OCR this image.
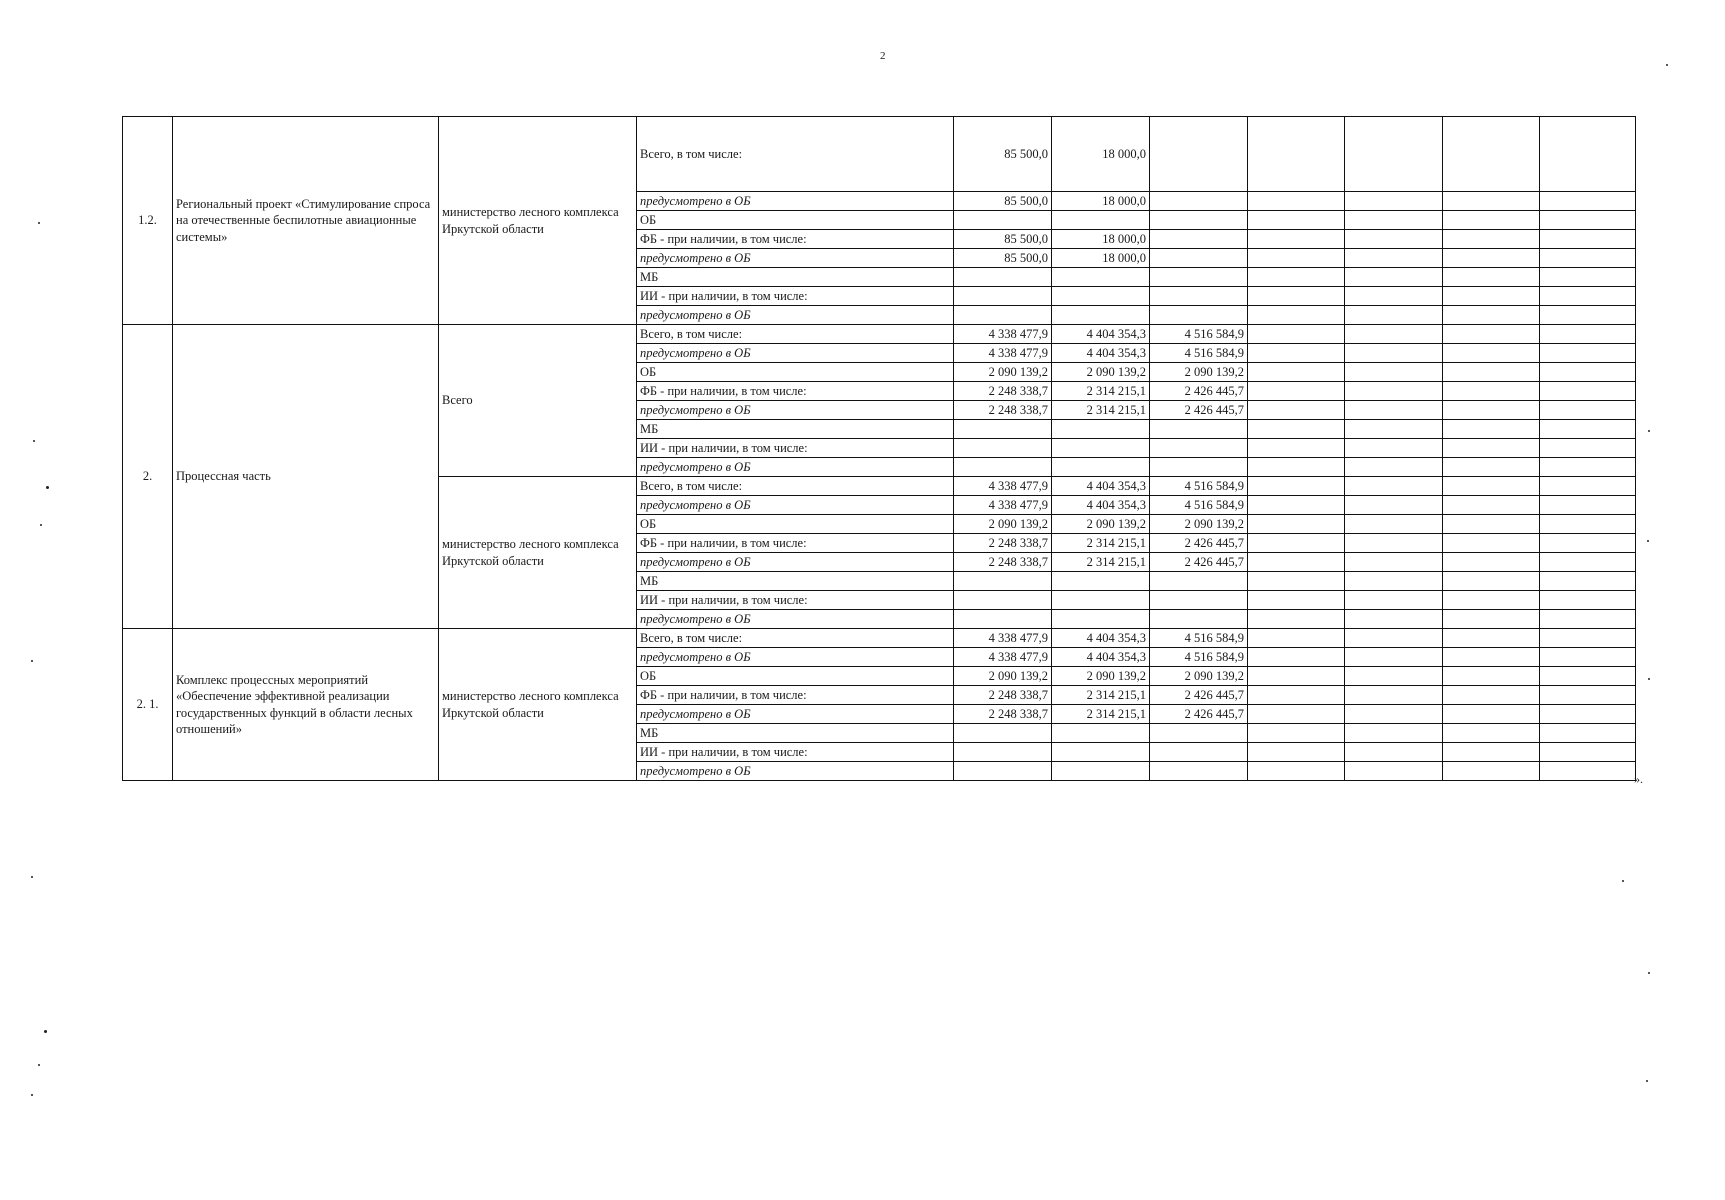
2
1.2.	Региональный проект «Стимулирование спроса на отечественные беспилотные авиационные системы»	министерство лесного комплекса Иркутской области	Всего, в том числе:	85 500,0	18 000,0					
			предусмотрено в ОБ	85 500,0	18 000,0					
			ОБ							
			ФБ - при наличии, в том числе:	85 500,0	18 000,0					
			предусмотрено в ОБ	85 500,0	18 000,0					
			МБ							
			ИИ - при наличии, в том числе:							
			предусмотрено в ОБ							
2.	Процессная часть	Всего	Всего, в том числе:	4 338 477,9	4 404 354,3	4 516 584,9				
			предусмотрено в ОБ	4 338 477,9	4 404 354,3	4 516 584,9				
			ОБ	2 090 139,2	2 090 139,2	2 090 139,2				
			ФБ - при наличии, в том числе:	2 248 338,7	2 314 215,1	2 426 445,7				
			предусмотрено в ОБ	2 248 338,7	2 314 215,1	2 426 445,7				
			МБ							
			ИИ - при наличии, в том числе:							
			предусмотрено в ОБ							
		министерство лесного комплекса Иркутской области	Всего, в том числе:	4 338 477,9	4 404 354,3	4 516 584,9				
			предусмотрено в ОБ	4 338 477,9	4 404 354,3	4 516 584,9				
			ОБ	2 090 139,2	2 090 139,2	2 090 139,2				
			ФБ - при наличии, в том числе:	2 248 338,7	2 314 215,1	2 426 445,7				
			предусмотрено в ОБ	2 248 338,7	2 314 215,1	2 426 445,7				
			МБ							
			ИИ - при наличии, в том числе:							
			предусмотрено в ОБ							
2. 1.	Комплекс процессных мероприятий «Обеспечение эффективной реализации государственных функций в области лесных отношений»	министерство лесного комплекса Иркутской области	Всего, в том числе:	4 338 477,9	4 404 354,3	4 516 584,9				
			предусмотрено в ОБ	4 338 477,9	4 404 354,3	4 516 584,9				
			ОБ	2 090 139,2	2 090 139,2	2 090 139,2				
			ФБ - при наличии, в том числе:	2 248 338,7	2 314 215,1	2 426 445,7				
			предусмотрено в ОБ	2 248 338,7	2 314 215,1	2 426 445,7				
			МБ							
			ИИ - при наличии, в том числе:							
			предусмотрено в ОБ							
».
